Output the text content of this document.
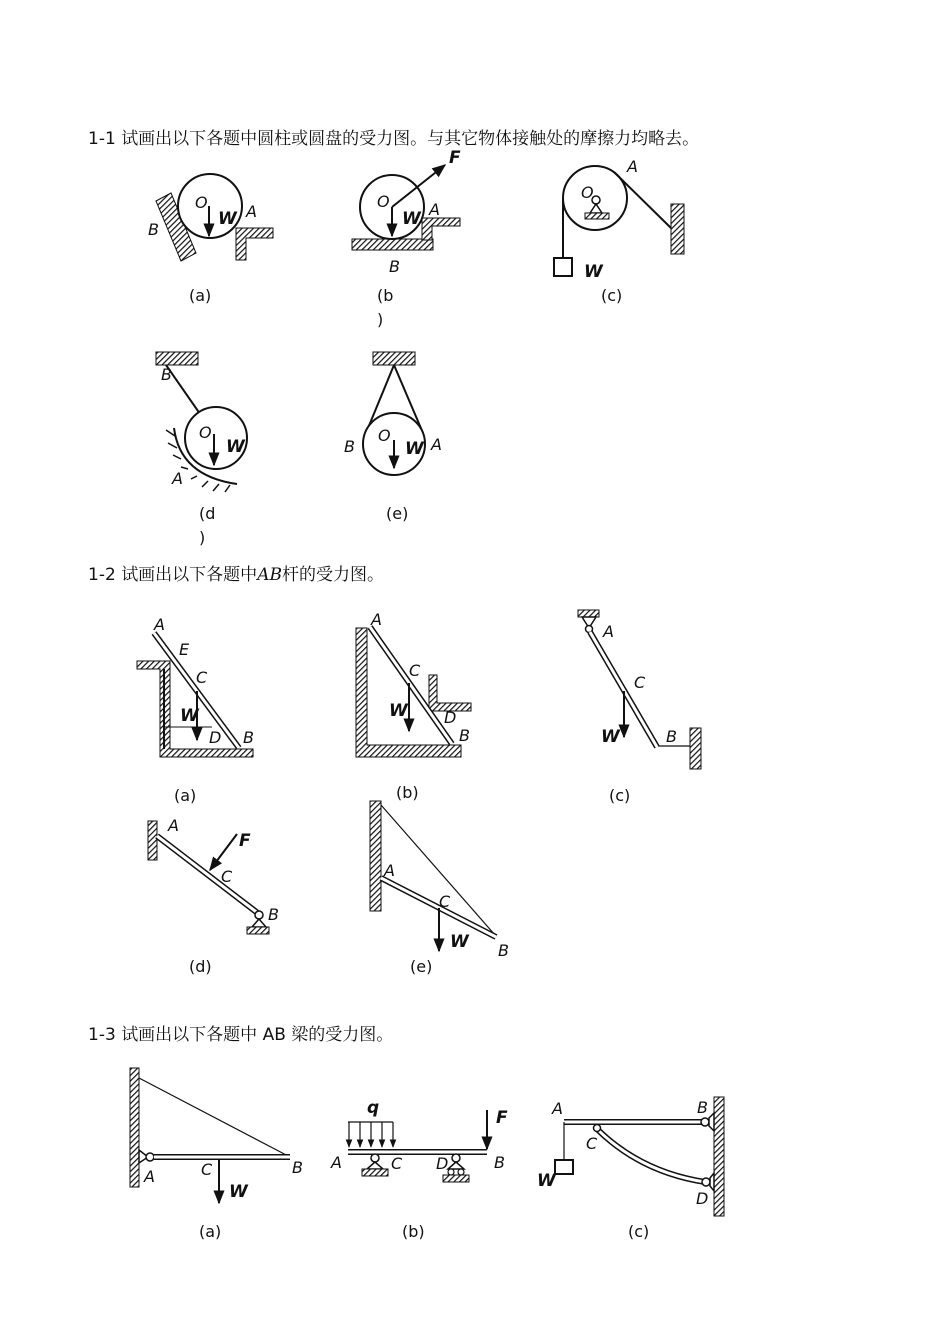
1-1 试画出以下各题中圆柱或圆盘的受力图。与其它物体接触处的摩擦力均略去。
1-2 试画出以下各题中AB杆的受力图。
1-3 试画出以下各题中 AB 梁的受力图。
O
W A
B
(a)
O
W A
F
B
(b
)
O
A
W
(c)
B
O
W
A
(d
)
O
W
B	A
(e)
A
E
C
W
D B
(a)
A
C
W D
B
(b)
A
C
W	B
(c)
A
F
C
B
(d)
A
C
W B
(e)
A	C
W
B
(a)
q	F
A	C D	B
(b)
A	B
C
W
D
(c)
